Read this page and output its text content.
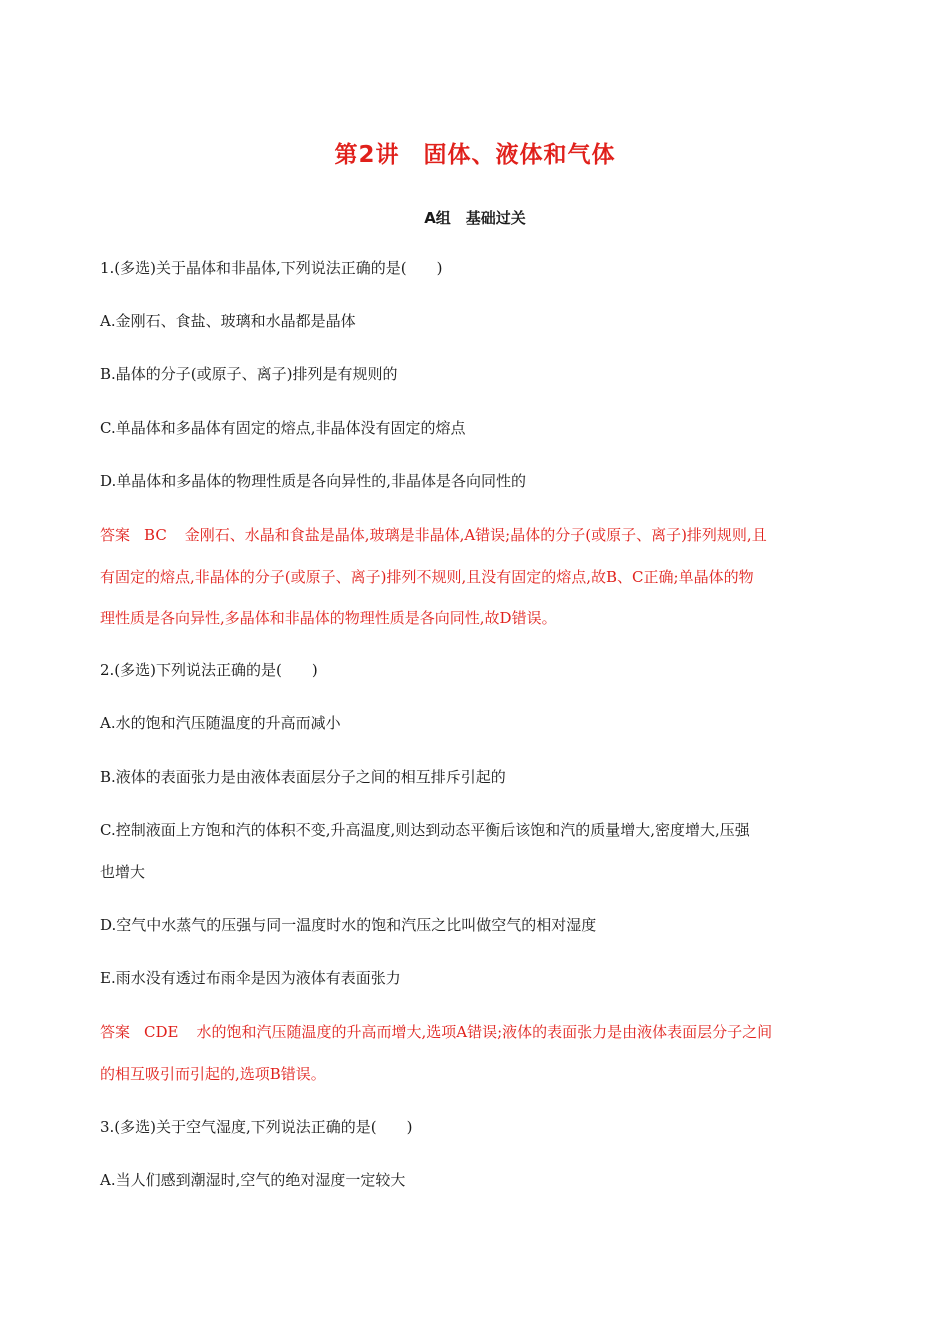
第2讲　固体、液体和气体
A组　基础过关
1.(多选)关于晶体和非晶体,下列说法正确的是(　　)
A.金刚石、食盐、玻璃和水晶都是晶体
B.晶体的分子(或原子、离子)排列是有规则的
C.单晶体和多晶体有固定的熔点,非晶体没有固定的熔点
D.单晶体和多晶体的物理性质是各向异性的,非晶体是各向同性的
答案 BC 金刚石、水晶和食盐是晶体,玻璃是非晶体,A错误;晶体的分子(或原子、离子)排列规则,且
有固定的熔点,非晶体的分子(或原子、离子)排列不规则,且没有固定的熔点,故B、C正确;单晶体的物
理性质是各向异性,多晶体和非晶体的物理性质是各向同性,故D错误。
2.(多选)下列说法正确的是(　　)
A.水的饱和汽压随温度的升高而减小
B.液体的表面张力是由液体表面层分子之间的相互排斥引起的
C.控制液面上方饱和汽的体积不变,升高温度,则达到动态平衡后该饱和汽的质量增大,密度增大,压强
也增大
D.空气中水蒸气的压强与同一温度时水的饱和汽压之比叫做空气的相对湿度
E.雨水没有透过布雨伞是因为液体有表面张力
答案 CDE 水的饱和汽压随温度的升高而增大,选项A错误;液体的表面张力是由液体表面层分子之间
的相互吸引而引起的,选项B错误。
3.(多选)关于空气湿度,下列说法正确的是(　　)
A.当人们感到潮湿时,空气的绝对湿度一定较大
